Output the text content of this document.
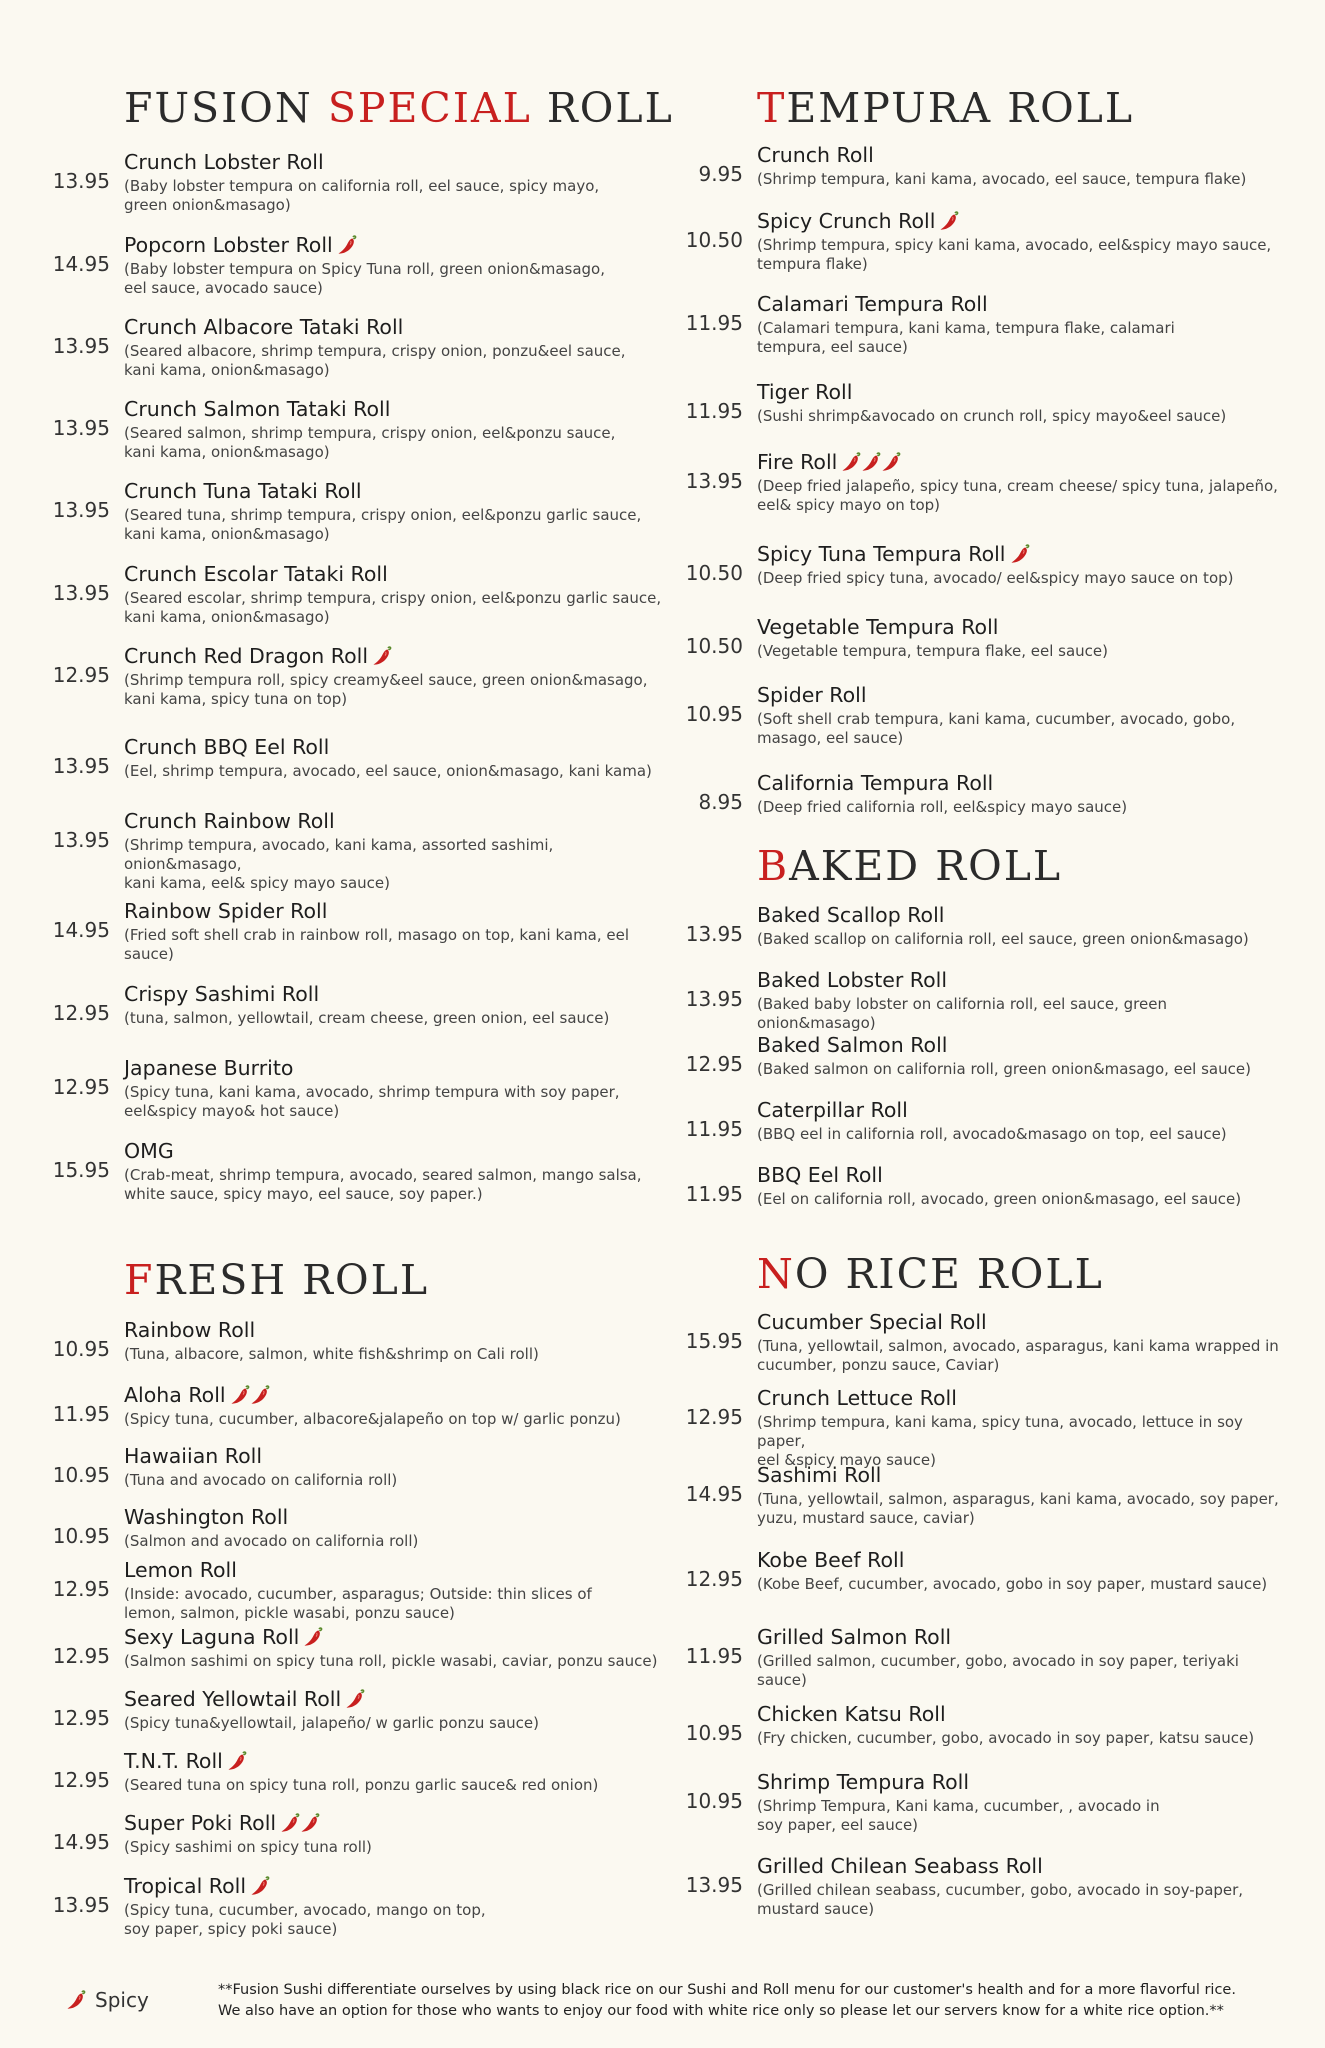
FUSION SPECIAL ROLL
13.95
Crunch Lobster Roll
(Baby lobster tempura on california roll, eel sauce, spicy mayo,
green onion&masago)
14.95
Popcorn Lobster Roll
(Baby lobster tempura on Spicy Tuna roll, green onion&masago,
eel sauce, avocado sauce)
13.95
Crunch Albacore Tataki Roll
(Seared albacore, shrimp tempura, crispy onion, ponzu&eel sauce,
kani kama, onion&masago)
13.95
Crunch Salmon Tataki Roll
(Seared salmon, shrimp tempura, crispy onion, eel&ponzu sauce,
kani kama, onion&masago)
13.95
Crunch Tuna Tataki Roll
(Seared tuna, shrimp tempura, crispy onion, eel&ponzu garlic sauce,
kani kama, onion&masago)
13.95
Crunch Escolar Tataki Roll
(Seared escolar, shrimp tempura, crispy onion, eel&ponzu garlic sauce,
kani kama, onion&masago)
12.95
Crunch Red Dragon Roll
(Shrimp tempura roll, spicy creamy&eel sauce, green onion&masago,
kani kama, spicy tuna on top)
13.95
Crunch BBQ Eel Roll
(Eel, shrimp tempura, avocado, eel sauce, onion&masago, kani kama)
13.95
Crunch Rainbow Roll
(Shrimp tempura, avocado, kani kama, assorted sashimi, onion&masago,
kani kama, eel& spicy mayo sauce)
14.95
Rainbow Spider Roll
(Fried soft shell crab in rainbow roll, masago on top, kani kama, eel sauce)
12.95
Crispy Sashimi Roll
(tuna, salmon, yellowtail, cream cheese, green onion, eel sauce)
12.95
Japanese Burrito
(Spicy tuna, kani kama, avocado, shrimp tempura with soy paper,
eel&spicy mayo& hot sauce)
15.95
OMG
(Crab-meat, shrimp tempura, avocado, seared salmon, mango salsa,
white sauce, spicy mayo, eel sauce, soy paper.)
FRESH ROLL
10.95
Rainbow Roll
(Tuna, albacore, salmon, white fish&shrimp on Cali roll)
11.95
Aloha Roll
(Spicy tuna, cucumber, albacore&jalapeño on top w/ garlic ponzu)
10.95
Hawaiian Roll
(Tuna and avocado on california roll)
10.95
Washington Roll
(Salmon and avocado on california roll)
12.95
Lemon Roll
(Inside: avocado, cucumber, asparagus; Outside: thin slices of
lemon, salmon, pickle wasabi, ponzu sauce)
12.95
Sexy Laguna Roll
(Salmon sashimi on spicy tuna roll, pickle wasabi, caviar, ponzu sauce)
12.95
Seared Yellowtail Roll
(Spicy tuna&yellowtail, jalapeño/ w garlic ponzu sauce)
12.95
T.N.T. Roll
(Seared tuna on spicy tuna roll, ponzu garlic sauce& red onion)
14.95
Super Poki Roll
(Spicy sashimi on spicy tuna roll)
13.95
Tropical Roll
(Spicy tuna, cucumber, avocado, mango on top,
soy paper, spicy poki sauce)
TEMPURA ROLL
9.95
Crunch Roll
(Shrimp tempura, kani kama, avocado, eel sauce, tempura flake)
10.50
Spicy Crunch Roll
(Shrimp tempura, spicy kani kama, avocado, eel&spicy mayo sauce,
tempura flake)
11.95
Calamari Tempura Roll
(Calamari tempura, kani kama, tempura flake, calamari
tempura, eel sauce)
11.95
Tiger Roll
(Sushi shrimp&avocado on crunch roll, spicy mayo&eel sauce)
13.95
Fire Roll
(Deep fried jalapeño, spicy tuna, cream cheese/ spicy tuna, jalapeño,
eel& spicy mayo on top)
10.50
Spicy Tuna Tempura Roll
(Deep fried spicy tuna, avocado/ eel&spicy mayo sauce on top)
10.50
Vegetable Tempura Roll
(Vegetable tempura, tempura flake, eel sauce)
10.95
Spider Roll
(Soft shell crab tempura, kani kama, cucumber, avocado, gobo,
masago, eel sauce)
8.95
California Tempura Roll
(Deep fried california roll, eel&spicy mayo sauce)
BAKED ROLL
13.95
Baked Scallop Roll
(Baked scallop on california roll, eel sauce, green onion&masago)
13.95
Baked Lobster Roll
(Baked baby lobster on california roll, eel sauce, green onion&masago)
12.95
Baked Salmon Roll
(Baked salmon on california roll, green onion&masago, eel sauce)
11.95
Caterpillar Roll
(BBQ eel in california roll, avocado&masago on top, eel sauce)
11.95
BBQ Eel Roll
(Eel on california roll, avocado, green onion&masago, eel sauce)
NO RICE ROLL
15.95
Cucumber Special Roll
(Tuna, yellowtail, salmon, avocado, asparagus, kani kama wrapped in
cucumber, ponzu sauce, Caviar)
12.95
Crunch Lettuce Roll
(Shrimp tempura, kani kama, spicy tuna, avocado, lettuce in soy paper,
eel &spicy mayo sauce)
14.95
Sashimi Roll
(Tuna, yellowtail, salmon, asparagus, kani kama, avocado, soy paper,
yuzu, mustard sauce, caviar)
12.95
Kobe Beef Roll
(Kobe Beef, cucumber, avocado, gobo in soy paper, mustard sauce)
11.95
Grilled Salmon Roll
(Grilled salmon, cucumber, gobo, avocado in soy paper, teriyaki sauce)
10.95
Chicken Katsu Roll
(Fry chicken, cucumber, gobo, avocado in soy paper, katsu sauce)
10.95
Shrimp Tempura Roll
(Shrimp Tempura, Kani kama, cucumber, , avocado in
soy paper, eel sauce)
13.95
Grilled Chilean Seabass Roll
(Grilled chilean seabass, cucumber, gobo, avocado in soy-paper,
mustard sauce)
Spicy	**Fusion Sushi differentiate ourselves by using black rice on our Sushi and Roll menu for our customer's health and for a more flavorful rice.
We also have an option for those who wants to enjoy our food with white rice only so please let our servers know for a white rice option.**
